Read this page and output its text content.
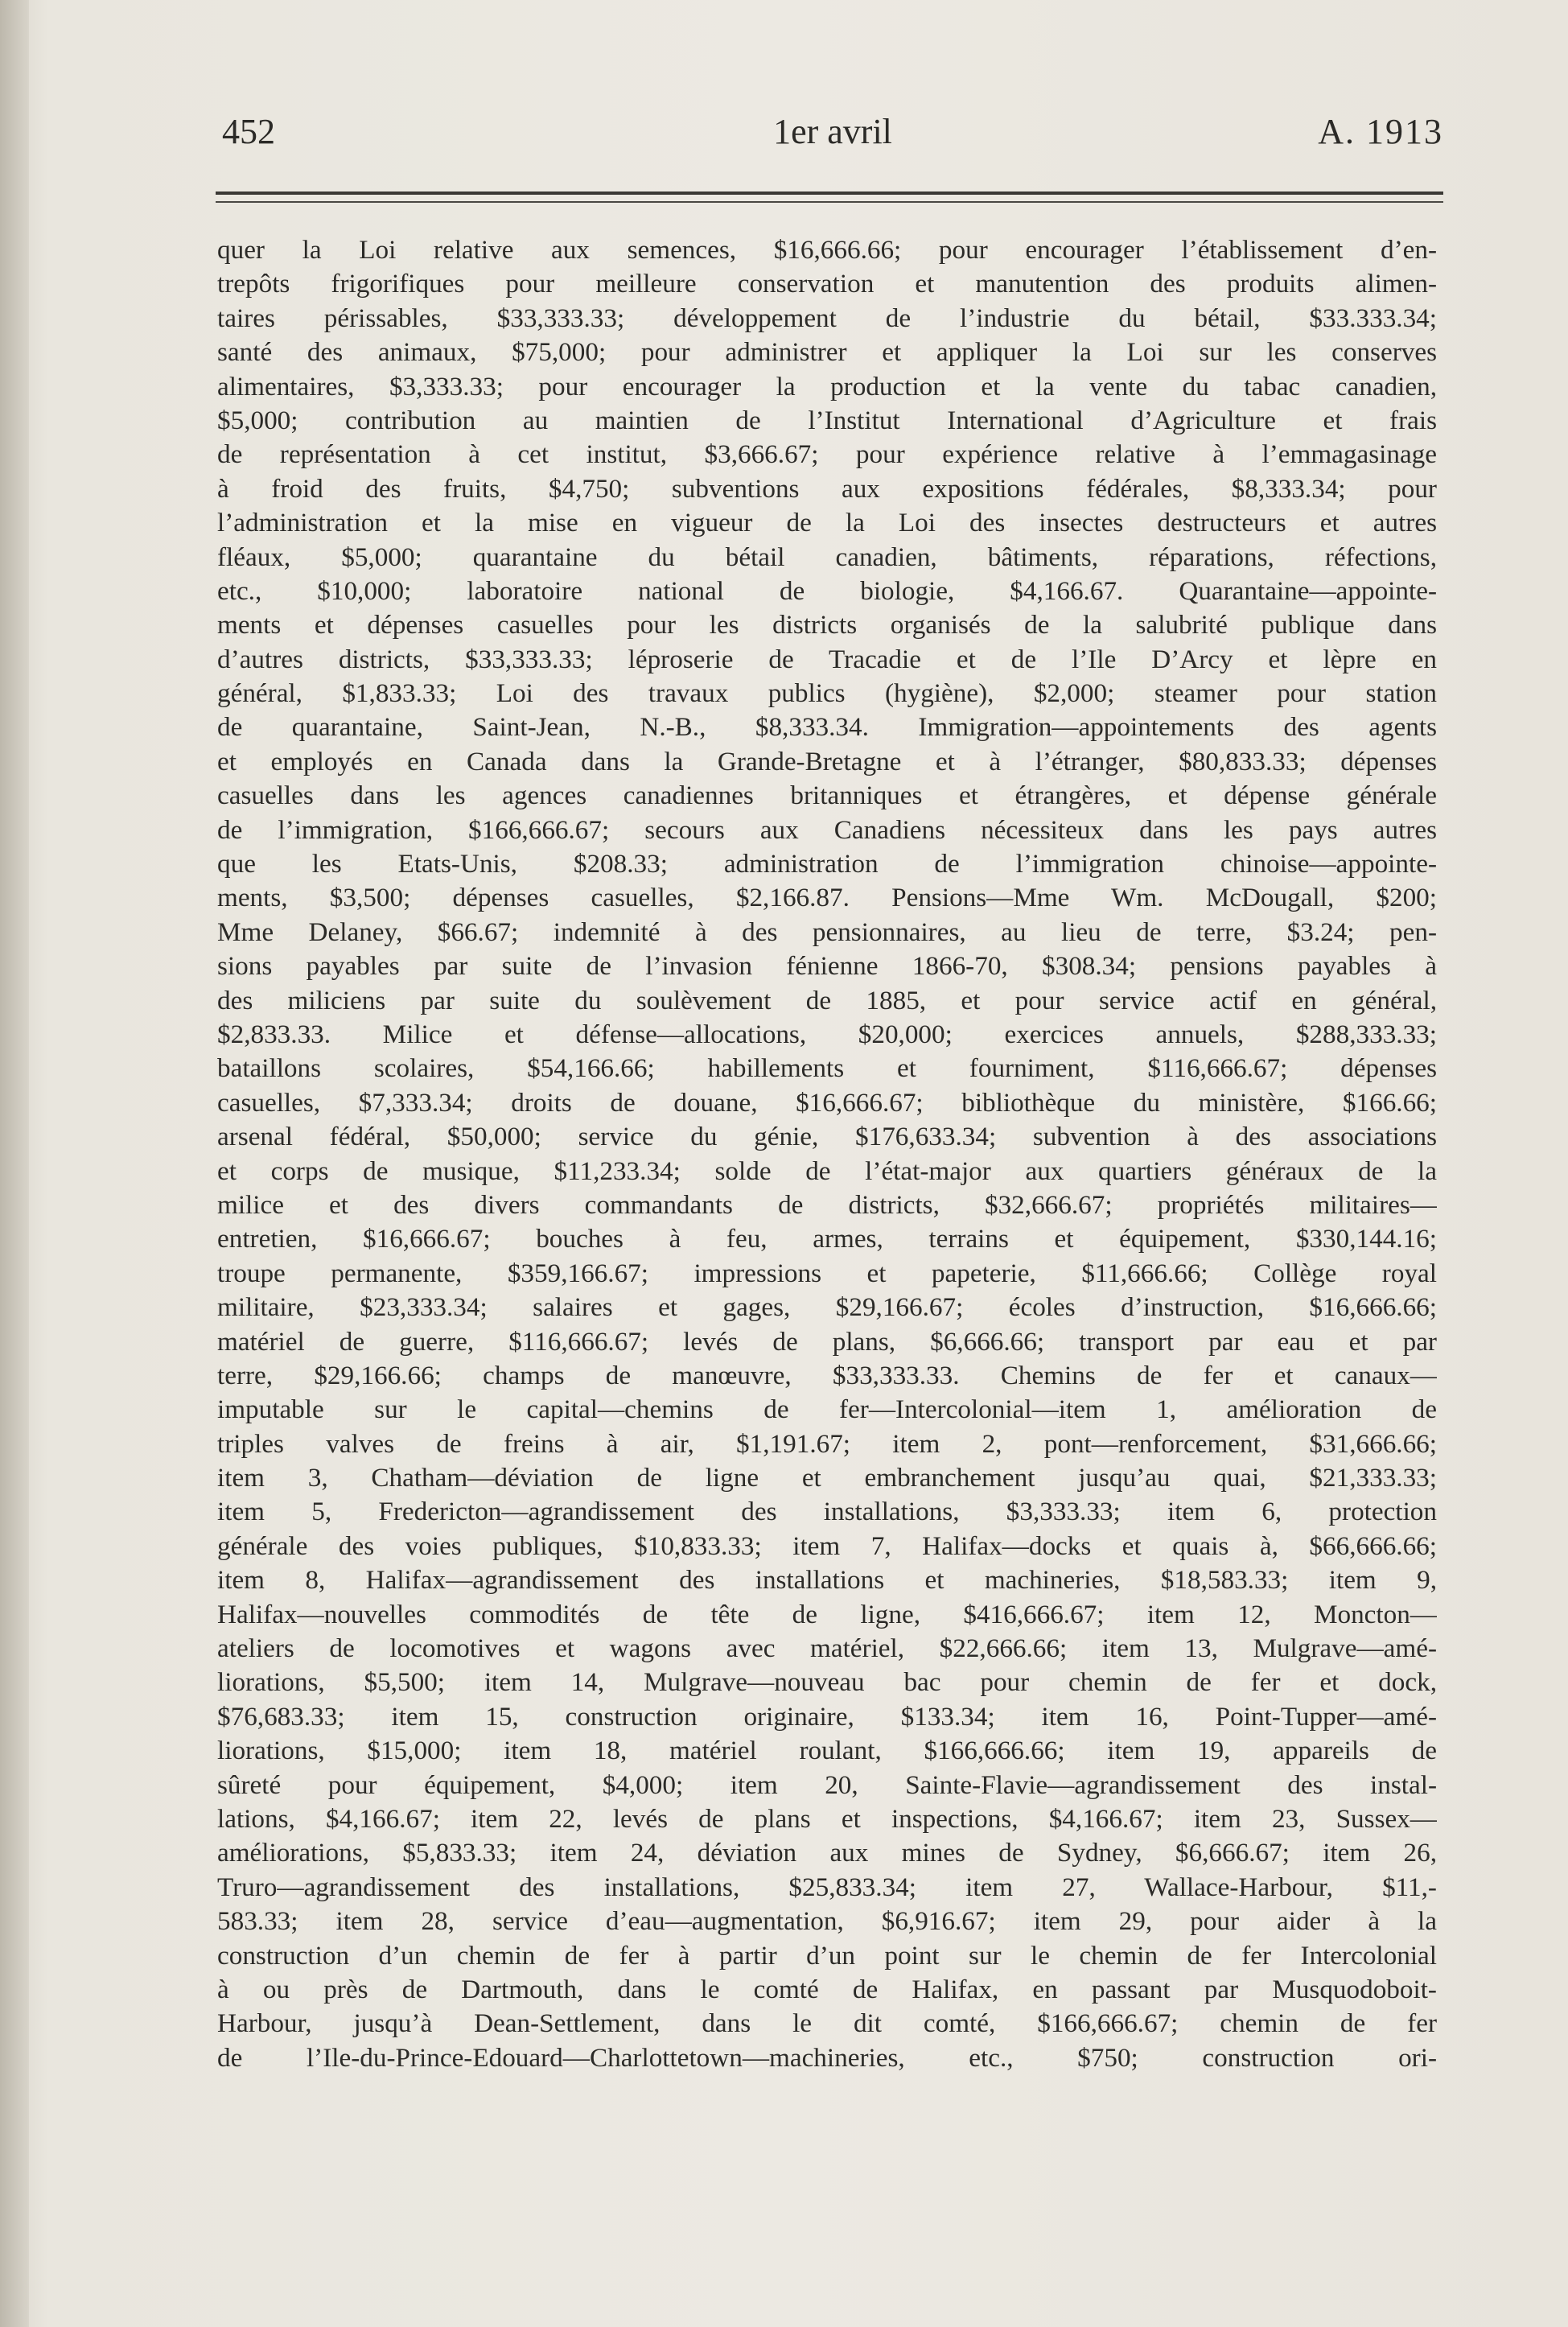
452	1er avril	A. 1913
quer la Loi relative aux semences, $16,666.66; pour encourager l’établissement d’en-
trepôts frigorifiques pour meilleure conservation et manutention des produits alimen-
taires périssables, $33,333.33; développement de l’industrie du bétail, $33.333.34;
santé des animaux, $75,000; pour administrer et appliquer la Loi sur les conserves
alimentaires, $3,333.33; pour encourager la production et la vente du tabac canadien,
$5,000; contribution au maintien de l’Institut International d’Agriculture et frais
de représentation à cet institut, $3,666.67; pour expérience relative à l’emmagasinage
à froid des fruits, $4,750; subventions aux expositions fédérales, $8,333.34; pour
l’administration et la mise en vigueur de la Loi des insectes destructeurs et autres
fléaux, $5,000; quarantaine du bétail canadien, bâtiments, réparations, réfections,
etc., $10,000; laboratoire national de biologie, $4,166.67. Quarantaine—appointe-
ments et dépenses casuelles pour les districts organisés de la salubrité publique dans
d’autres districts, $33,333.33; léproserie de Tracadie et de l’Ile D’Arcy et lèpre en
général, $1,833.33; Loi des travaux publics (hygiène), $2,000; steamer pour station
de quarantaine, Saint-Jean, N.-B., $8,333.34. Immigration—appointements des agents
et employés en Canada dans la Grande-Bretagne et à l’étranger, $80,833.33; dépenses
casuelles dans les agences canadiennes britanniques et étrangères, et dépense générale
de l’immigration, $166,666.67; secours aux Canadiens nécessiteux dans les pays autres
que les Etats-Unis, $208.33; administration de l’immigration chinoise—appointe-
ments, $3,500; dépenses casuelles, $2,166.87. Pensions—Mme Wm. McDougall, $200;
Mme Delaney, $66.67; indemnité à des pensionnaires, au lieu de terre, $3.24; pen-
sions payables par suite de l’invasion fénienne 1866-70, $308.34; pensions payables à
des miliciens par suite du soulèvement de 1885, et pour service actif en général,
$2,833.33. Milice et défense—allocations, $20,000; exercices annuels, $288,333.33;
bataillons scolaires, $54,166.66; habillements et fourniment, $116,666.67; dépenses
casuelles, $7,333.34; droits de douane, $16,666.67; bibliothèque du ministère, $166.66;
arsenal fédéral, $50,000; service du génie, $176,633.34; subvention à des associations
et corps de musique, $11,233.34; solde de l’état-major aux quartiers généraux de la
milice et des divers commandants de districts, $32,666.67; propriétés militaires—
entretien, $16,666.67; bouches à feu, armes, terrains et équipement, $330,144.16;
troupe permanente, $359,166.67; impressions et papeterie, $11,666.66; Collège royal
militaire, $23,333.34; salaires et gages, $29,166.67; écoles d’instruction, $16,666.66;
matériel de guerre, $116,666.67; levés de plans, $6,666.66; transport par eau et par
terre, $29,166.66; champs de manœuvre, $33,333.33. Chemins de fer et canaux—
imputable sur le capital—chemins de fer—Intercolonial—item 1, amélioration de
triples valves de freins à air, $1,191.67; item 2, pont—renforcement, $31,666.66;
item 3, Chatham—déviation de ligne et embranchement jusqu’au quai, $21,333.33;
item 5, Fredericton—agrandissement des installations, $3,333.33; item 6, protection
générale des voies publiques, $10,833.33; item 7, Halifax—docks et quais à, $66,666.66;
item 8, Halifax—agrandissement des installations et machineries, $18,583.33; item 9,
Halifax—nouvelles commodités de tête de ligne, $416,666.67; item 12, Moncton—
ateliers de locomotives et wagons avec matériel, $22,666.66; item 13, Mulgrave—amé-
liorations, $5,500; item 14, Mulgrave—nouveau bac pour chemin de fer et dock,
$76,683.33; item 15, construction originaire, $133.34; item 16, Point-Tupper—amé-
liorations, $15,000; item 18, matériel roulant, $166,666.66; item 19, appareils de
sûreté pour équipement, $4,000; item 20, Sainte-Flavie—agrandissement des instal-
lations, $4,166.67; item 22, levés de plans et inspections, $4,166.67; item 23, Sussex—
améliorations, $5,833.33; item 24, déviation aux mines de Sydney, $6,666.67; item 26,
Truro—agrandissement des installations, $25,833.34; item 27, Wallace-Harbour, $11,-
583.33; item 28, service d’eau—augmentation, $6,916.67; item 29, pour aider à la
construction d’un chemin de fer à partir d’un point sur le chemin de fer Intercolonial
à ou près de Dartmouth, dans le comté de Halifax, en passant par Musquodoboit-
Harbour, jusqu’à Dean-Settlement, dans le dit comté, $166,666.67; chemin de fer
de l’Ile-du-Prince-Edouard—Charlottetown—machineries, etc., $750; construction ori-
